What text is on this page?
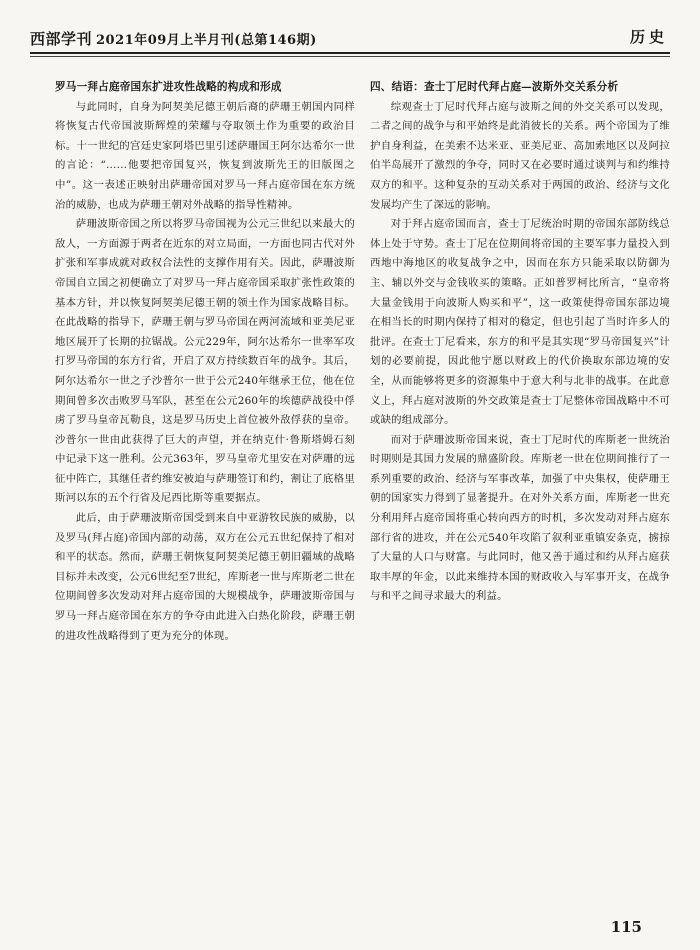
西部学刊 2021年09月上半月刊(总第146期)	历史
罗马一拜占庭帝国东扩进攻性战略的构成和形成

与此同时，自身为阿契美尼德王朝后裔的萨珊王朝国内同样将恢复古代帝国波斯辉煌的荣耀与夺取领土作为重要的政治目标。十一世纪的宫廷史家阿塔巴里引述萨珊国王阿尔达希尔一世的言论：“……他要把帝国复兴，恢复到波斯先王的旧版图之中”。这一表述正映射出萨珊帝国对罗马一拜占庭帝国在东方统治的威胁，也成为萨珊王朝对外战略的指导性精神。

萨珊波斯帝国之所以将罗马帝国视为公元三世纪以来最大的敌人，一方面源于两者在近东的对立局面，一方面也同古代对外扩张和军事成就对政权合法性的支撑作用有关。因此，萨珊波斯帝国自立国之初便确立了对罗马一拜占庭帝国采取扩张性政策的基本方针，并以恢复阿契美尼德王朝的领土作为国家战略目标。在此战略的指导下，萨珊王朝与罗马帝国在两河流域和亚美尼亚地区展开了长期的拉锯战。公元229年，阿尔达希尔一世率军攻打罗马帝国的东方行省，开启了双方持续数百年的战争。其后，阿尔达希尔一世之子沙普尔一世于公元240年继承王位，他在位期间曾多次击败罗马军队，甚至在公元260年的埃德萨战役中俘虏了罗马皇帝瓦勒良，这是罗马历史上首位被外敌俘获的皇帝。沙普尔一世由此获得了巨大的声望，并在纳克什·鲁斯塔姆石刻中记录下这一胜利。公元363年，罗马皇帝尤里安在对萨珊的远征中阵亡，其继任者约维安被迫与萨珊签订和约，割让了底格里斯河以东的五个行省及尼西比斯等重要据点。

此后，由于萨珊波斯帝国受到来自中亚游牧民族的威胁，以及罗马(拜占庭)帝国内部的动荡，双方在公元五世纪保持了相对和平的状态。然而，萨珊王朝恢复阿契美尼德王朝旧疆域的战略目标并未改变，公元6世纪至7世纪，库斯老一世与库斯老二世在位期间曾多次发动对拜占庭帝国的大规模战争，萨珊波斯帝国与罗马一拜占庭帝国在东方的争夺由此进入白热化阶段，萨珊王朝的进攻性战略得到了更为充分的体现。

四、结语：查士丁尼时代拜占庭—波斯外交关系分析

综观查士丁尼时代拜占庭与波斯之间的外交关系可以发现，二者之间的战争与和平始终是此消彼长的关系。两个帝国为了维护自身利益，在美索不达米亚、亚美尼亚、高加索地区以及阿拉伯半岛展开了激烈的争夺，同时又在必要时通过谈判与和约维持双方的和平。这种复杂的互动关系对于两国的政治、经济与文化发展均产生了深远的影响。

对于拜占庭帝国而言，查士丁尼统治时期的帝国东部防线总体上处于守势。查士丁尼在位期间将帝国的主要军事力量投入到西地中海地区的收复战争之中，因而在东方只能采取以防御为主、辅以外交与金钱收买的策略。正如普罗柯比所言，“皇帝将大量金钱用于向波斯人购买和平”，这一政策使得帝国东部边境在相当长的时期内保持了相对的稳定，但也引起了当时许多人的批评。在查士丁尼看来，东方的和平是其实现“罗马帝国复兴”计划的必要前提，因此他宁愿以财政上的代价换取东部边境的安全，从而能够将更多的资源集中于意大利与北非的战事。在此意义上，拜占庭对波斯的外交政策是查士丁尼整体帝国战略中不可或缺的组成部分。

而对于萨珊波斯帝国来说，查士丁尼时代的库斯老一世统治时期则是其国力发展的鼎盛阶段。库斯老一世在位期间推行了一系列重要的政治、经济与军事改革，加强了中央集权，使萨珊王朝的国家实力得到了显著提升。在对外关系方面，库斯老一世充分利用拜占庭帝国将重心转向西方的时机，多次发动对拜占庭东部行省的进攻，并在公元540年攻陷了叙利亚重镇安条克，掳掠了大量的人口与财富。与此同时，他又善于通过和约从拜占庭获取丰厚的年金，以此来维持本国的财政收入与军事开支，在战争与和平之间寻求最大的利益。

115
